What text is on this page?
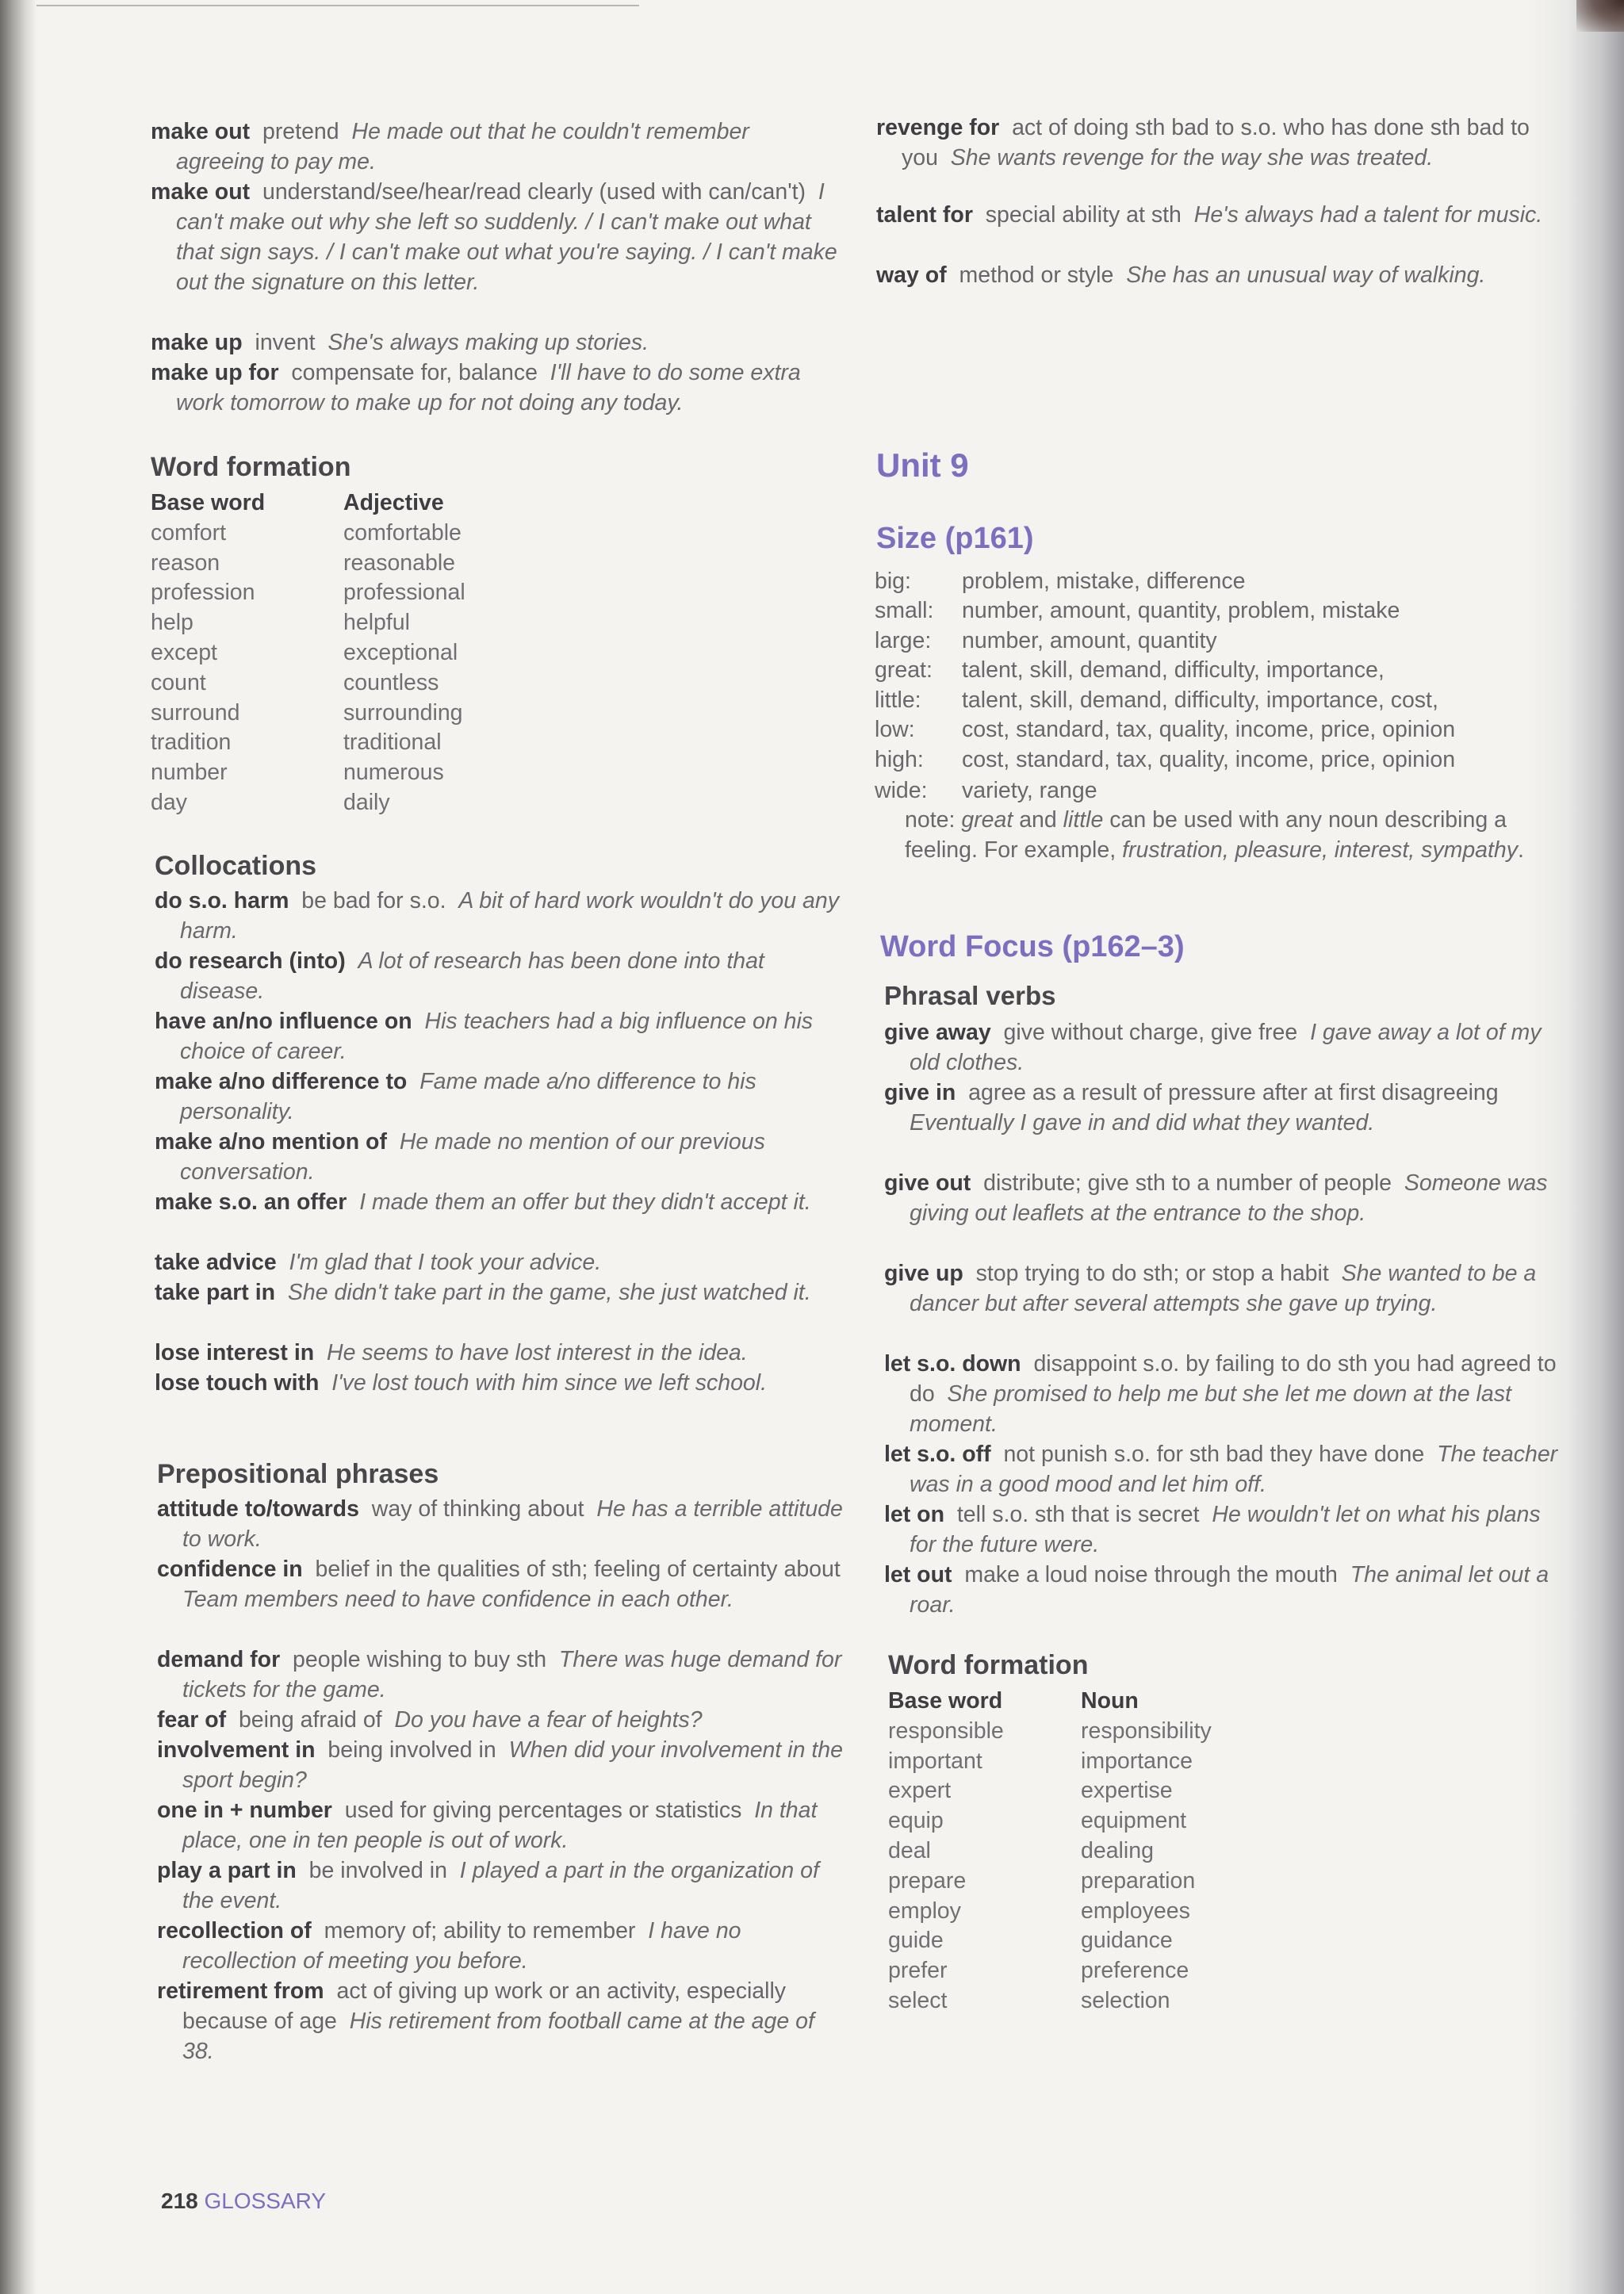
make out pretend He made out that he couldn't remember agreeing to pay me.
make out understand/see/hear/read clearly (used with can/can't) I can't make out why she left so suddenly. / I can't make out what that sign says. / I can't make out what you're saying. / I can't make out the signature on this letter.
make up invent She's always making up stories.
make up for compensate for, balance I'll have to do some extra work tomorrow to make up for not doing any today.
Word formation
Base word	Adjective
comfort	comfortable
reason	reasonable
profession	professional
help	helpful
except	exceptional
count	countless
surround	surrounding
tradition	traditional
number	numerous
day	daily
Collocations
do s.o. harm be bad for s.o. A bit of hard work wouldn't do you any harm.
do research (into) A lot of research has been done into that disease.
have an/no influence on His teachers had a big influence on his choice of career.
make a/no difference to Fame made a/no difference to his personality.
make a/no mention of He made no mention of our previous conversation.
make s.o. an offer I made them an offer but they didn't accept it.
take advice I'm glad that I took your advice.
take part in She didn't take part in the game, she just watched it.
lose interest in He seems to have lost interest in the idea.
lose touch with I've lost touch with him since we left school.
Prepositional phrases
attitude to/towards way of thinking about He has a terrible attitude to work.
confidence in belief in the qualities of sth; feeling of certainty about  Team members need to have confidence in each other.
demand for people wishing to buy sth There was huge demand for tickets for the game.
fear of being afraid of Do you have a fear of heights?
involvement in being involved in When did your involvement in the sport begin?
one in + number used for giving percentages or statistics In that place, one in ten people is out of work.
play a part in be involved in I played a part in the organization of the event.
recollection of memory of; ability to remember I have no recollection of meeting you before.
retirement from act of giving up work or an activity, especially because of age His retirement from football came at the age of 38.
revenge for act of doing sth bad to s.o. who has done sth bad to you She wants revenge for the way she was treated.
talent for special ability at sth He's always had a talent for music.
way of method or style She has an unusual way of walking.
Unit 9
Size (p161)
big: problem, mistake, difference
small: number, amount, quantity, problem, mistake
large: number, amount, quantity
great: talent, skill, demand, difficulty, importance,
little: talent, skill, demand, difficulty, importance, cost,
low: cost, standard, tax, quality, income, price, opinion
high: cost, standard, tax, quality, income, price, opinion
wide: variety, range
note: great and little can be used with any noun describing a feeling. For example, frustration, pleasure, interest, sympathy.
Word Focus (p162–3)
Phrasal verbs
give away give without charge, give free I gave away a lot of my old clothes.
give in agree as a result of pressure after at first disagreeing  Eventually I gave in and did what they wanted.
give out distribute; give sth to a number of people Someone was giving out leaflets at the entrance to the shop.
give up stop trying to do sth; or stop a habit She wanted to be a dancer but after several attempts she gave up trying.
let s.o. down disappoint s.o. by failing to do sth you had agreed to do She promised to help me but she let me down at the last moment.
let s.o. off not punish s.o. for sth bad they have done The teacher was in a good mood and let him off.
let on tell s.o. sth that is secret He wouldn't let on what his plans for the future were.
let out make a loud noise through the mouth The animal let out a roar.
Word formation
Base word	Noun
responsible	responsibility
important	importance
expert	expertise
equip	equipment
deal	dealing
prepare	preparation
employ	employees
guide	guidance
prefer	preference
select	selection
218 GLOSSARY
